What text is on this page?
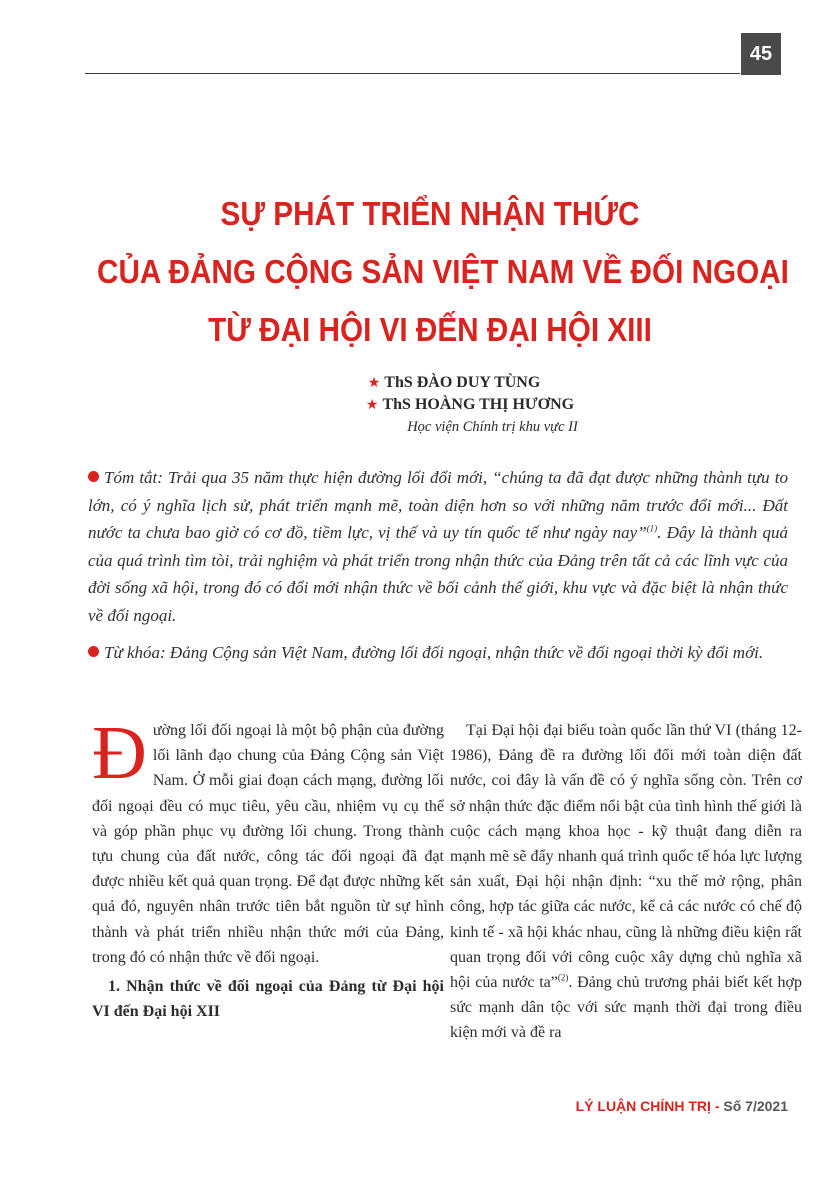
45
SỰ PHÁT TRIỂN NHẬN THỨC
CỦA ĐẢNG CỘNG SẢN VIỆT NAM VỀ ĐỐI NGOẠI
TỪ ĐẠI HỘI VI ĐẾN ĐẠI HỘI XIII
★ ThS ĐÀO DUY TÙNG
★ ThS HOÀNG THỊ HƯƠNG
Học viện Chính trị khu vực II

Tóm tắt: Trải qua 35 năm thực hiện đường lối đổi mới, “chúng ta đã đạt được những thành tựu to lớn, có ý nghĩa lịch sử, phát triển mạnh mẽ, toàn diện hơn so với những năm trước đổi mới... Đất nước ta chưa bao giờ có cơ đồ, tiềm lực, vị thế và uy tín quốc tế như ngày nay”$^{(1)}$. Đây là thành quả của quá trình tìm tòi, trải nghiệm và phát triển trong nhận thức của Đảng trên tất cả các lĩnh vực của đời sống xã hội, trong đó có đổi mới nhận thức về bối cảnh thế giới, khu vực và đặc biệt là nhận thức về đối ngoại.

Từ khóa: Đảng Cộng sản Việt Nam, đường lối đối ngoại, nhận thức về đối ngoại thời kỳ đổi mới.

Đường lối đối ngoại là một bộ phận của đường lối lãnh đạo chung của Đảng Cộng sản Việt Nam. Ở mỗi giai đoạn cách mạng, đường lối đối ngoại đều có mục tiêu, yêu cầu, nhiệm vụ cụ thể và góp phần phục vụ đường lối chung. Trong thành tựu chung của đất nước, công tác đối ngoại đã đạt được nhiều kết quả quan trọng. Để đạt được những kết quả đó, nguyên nhân trước tiên bắt nguồn từ sự hình thành và phát triển nhiều nhận thức mới của Đảng, trong đó có nhận thức về đối ngoại.

1. Nhận thức về đối ngoại của Đảng từ Đại hội VI đến Đại hội XII

Tại Đại hội đại biểu toàn quốc lần thứ VI (tháng 12-1986), Đảng đề ra đường lối đổi mới toàn diện đất nước, coi đây là vấn đề có ý nghĩa sống còn. Trên cơ sở nhận thức đặc điểm nổi bật của tình hình thế giới là cuộc cách mạng khoa học - kỹ thuật đang diễn ra mạnh mẽ sẽ đẩy nhanh quá trình quốc tế hóa lực lượng sản xuất, Đại hội nhận định: “xu thế mở rộng, phân công, hợp tác giữa các nước, kể cả các nước có chế độ kinh tế - xã hội khác nhau, cũng là những điều kiện rất quan trọng đối với công cuộc xây dựng chủ nghĩa xã hội của nước ta”$^{(2)}$. Đảng chủ trương phải biết kết hợp sức mạnh dân tộc với sức mạnh thời đại trong điều kiện mới và đề ra

LÝ LUẬN CHÍNH TRỊ - Số 7/2021
